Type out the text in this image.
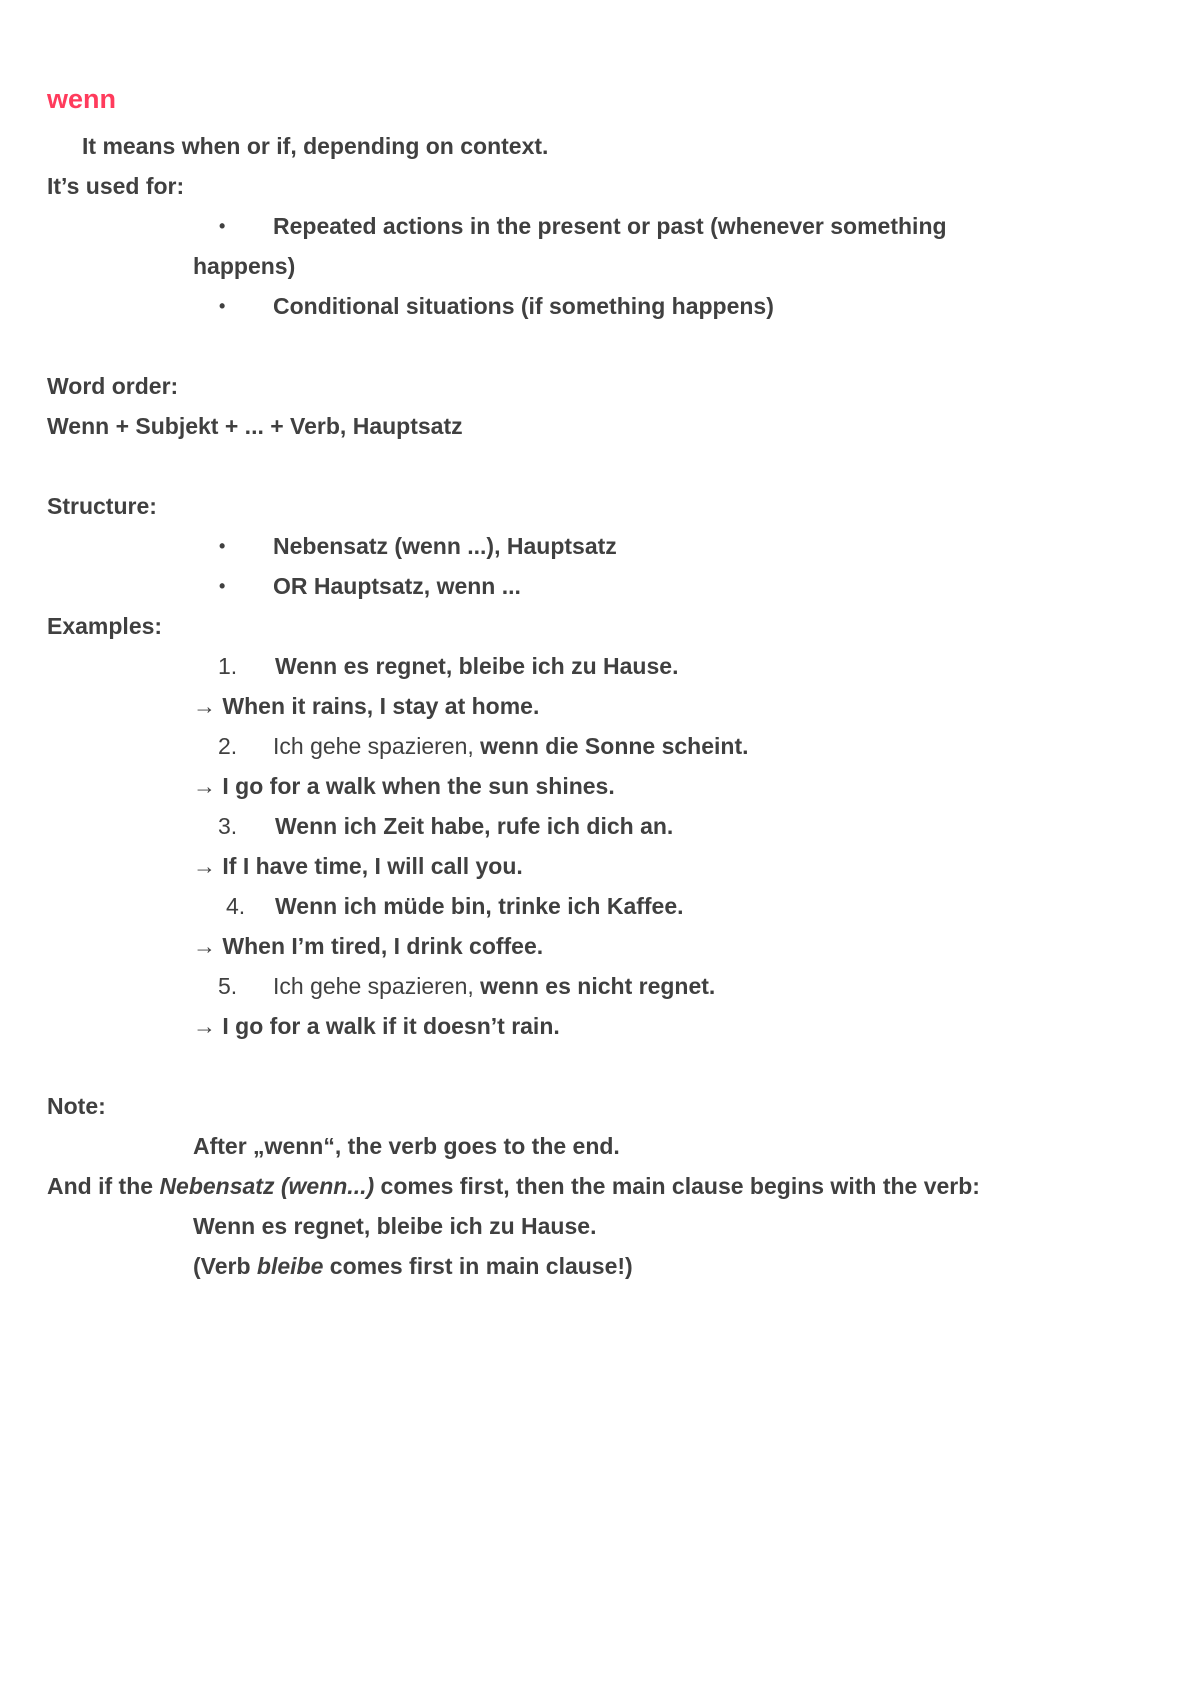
wenn
It means when or if, depending on context.
It’s used for:
• Repeated actions in the present or past (whenever something
happens)
• Conditional situations (if something happens)
Word order:
Wenn + Subjekt + ... + Verb, Hauptsatz
Structure:
• Nebensatz (wenn ...), Hauptsatz
• OR Hauptsatz, wenn ...
Examples:
1. Wenn es regnet, bleibe ich zu Hause.
→ When it rains, I stay at home.
2. Ich gehe spazieren, wenn die Sonne scheint.
→ I go for a walk when the sun shines.
3. Wenn ich Zeit habe, rufe ich dich an.
→ If I have time, I will call you.
4. Wenn ich müde bin, trinke ich Kaffee.
→ When I’m tired, I drink coffee.
5. Ich gehe spazieren, wenn es nicht regnet.
→ I go for a walk if it doesn’t rain.
Note:
After „wenn“, the verb goes to the end.
And if the Nebensatz (wenn...) comes first, then the main clause begins with the verb:
Wenn es regnet, bleibe ich zu Hause.
(Verb bleibe comes first in main clause!)
